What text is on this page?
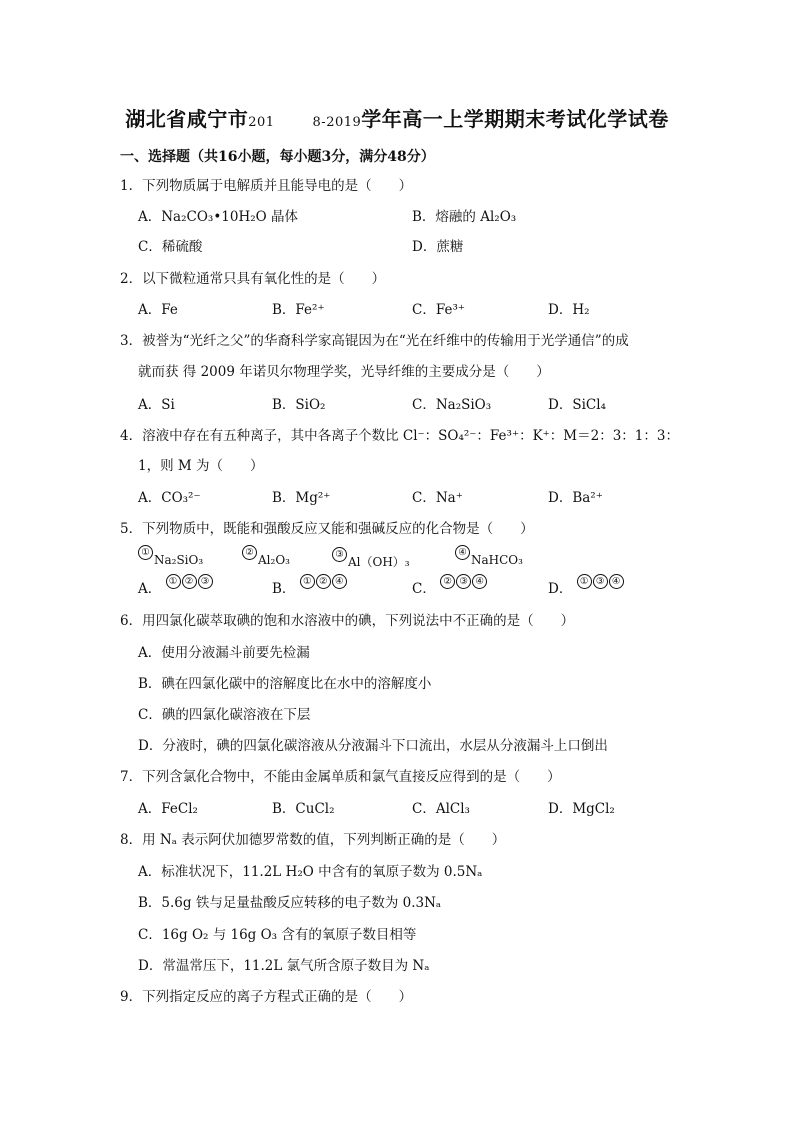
湖北省咸宁市201	8-2019学年高一上学期期末考试化学试卷
一、选择题（共16小题，每小题3分，满分48分）
1．下列物质属于电解质并且能导电的是（　　）
A．Na₂CO₃•10H₂O 晶体	B．熔融的 Al₂O₃
C．稀硫酸	D．蔗糖
2．以下微粒通常只具有氧化性的是（　　）
A．Fe	B．Fe²⁺	C．Fe³⁺	D．H₂
3．被誉为“光纤之父”的华裔科学家高锟因为在“光在纤维中的传输用于光学通信”的成
就而获 得 2009 年诺贝尔物理学奖，光导纤维的主要成分是（　　）
A．Si	B．SiO₂	C．Na₂SiO₃	D．SiCl₄
4．溶液中存在有五种离子，其中各离子个数比 Cl⁻：SO₄²⁻：Fe³⁺：K⁺：M＝2：3：1：3：
1，则 M 为（　　）
A．CO₃²⁻	B．Mg²⁺	C．Na⁺	D．Ba²⁺
5．下列物质中，既能和强酸反应又能和强碱反应的化合物是（　　）
①Na₂SiO₃
②Al₂O₃	③Al（OH）₃
④NaHCO₃
A． ① ② ③	B． ① ② ④	C． ② ③ ④	D． ① ③ ④
6．用四氯化碳萃取碘的饱和水溶液中的碘，下列说法中不正确的是（　　）
A．使用分液漏斗前要先检漏
B．碘在四氯化碳中的溶解度比在水中的溶解度小
C．碘的四氯化碳溶液在下层
D．分液时，碘的四氯化碳溶液从分液漏斗下口流出，水层从分液漏斗上口倒出
7．下列含氯化合物中，不能由金属单质和氯气直接反应得到的是（　　）
A．FeCl₂	B．CuCl₂	C．AlCl₃	D．MgCl₂
8．用 Nₐ 表示阿伏加德罗常数的值，下列判断正确的是（　　）
A．标准状况下，11.2L H₂O 中含有的氧原子数为 0.5Nₐ
B．5.6g 铁与足量盐酸反应转移的电子数为 0.3Nₐ
C．16g O₂ 与 16g O₃ 含有的氧原子数目相等
D．常温常压下，11.2L 氯气所含原子数目为 Nₐ
9．下列指定反应的离子方程式正确的是（　　）
